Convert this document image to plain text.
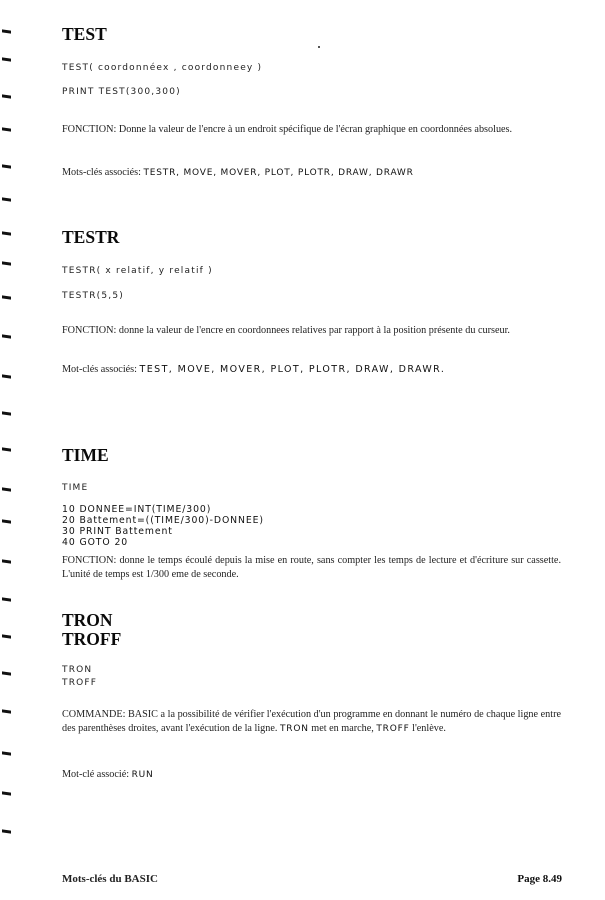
TEST
TEST( coordonnéex , coordonneey )
PRINT TEST(300,300)

FONCTION: Donne la valeur de l'encre à un endroit spécifique de l'écran graphique en coordonnées absolues.

Mots-clés associés: TESTR, MOVE, MOVER, PLOT, PLOTR, DRAW, DRAWR

TESTR
TESTR( x relatif, y relatif )
TESTR(5,5)

FONCTION: donne la valeur de l'encre en coordonnees relatives par rapport à la position présente du curseur.

Mot-clés associés: TEST, MOVE, MOVER, PLOT, PLOTR, DRAW, DRAWR.

TIME
TIME
10 DONNEE=INT(TIME/300)
20 Battement=((TIME/300)-DONNEE)
30 PRINT Battement
40 GOTO 20

FONCTION: donne le temps écoulé depuis la mise en route, sans compter les temps de lecture et d'écriture sur cassette. L'unité de temps est 1/300 eme de seconde.

TRON
TROFF
TRON
TROFF

COMMANDE: BASIC a la possibilité de vérifier l'exécution d'un programme en donnant le numéro de chaque ligne entre des parenthèses droites, avant l'exécution de la ligne. TRON met en marche, TROFF l'enlève.

Mot-clé associé: RUN

Mots-clés du BASIC	Page 8.49
